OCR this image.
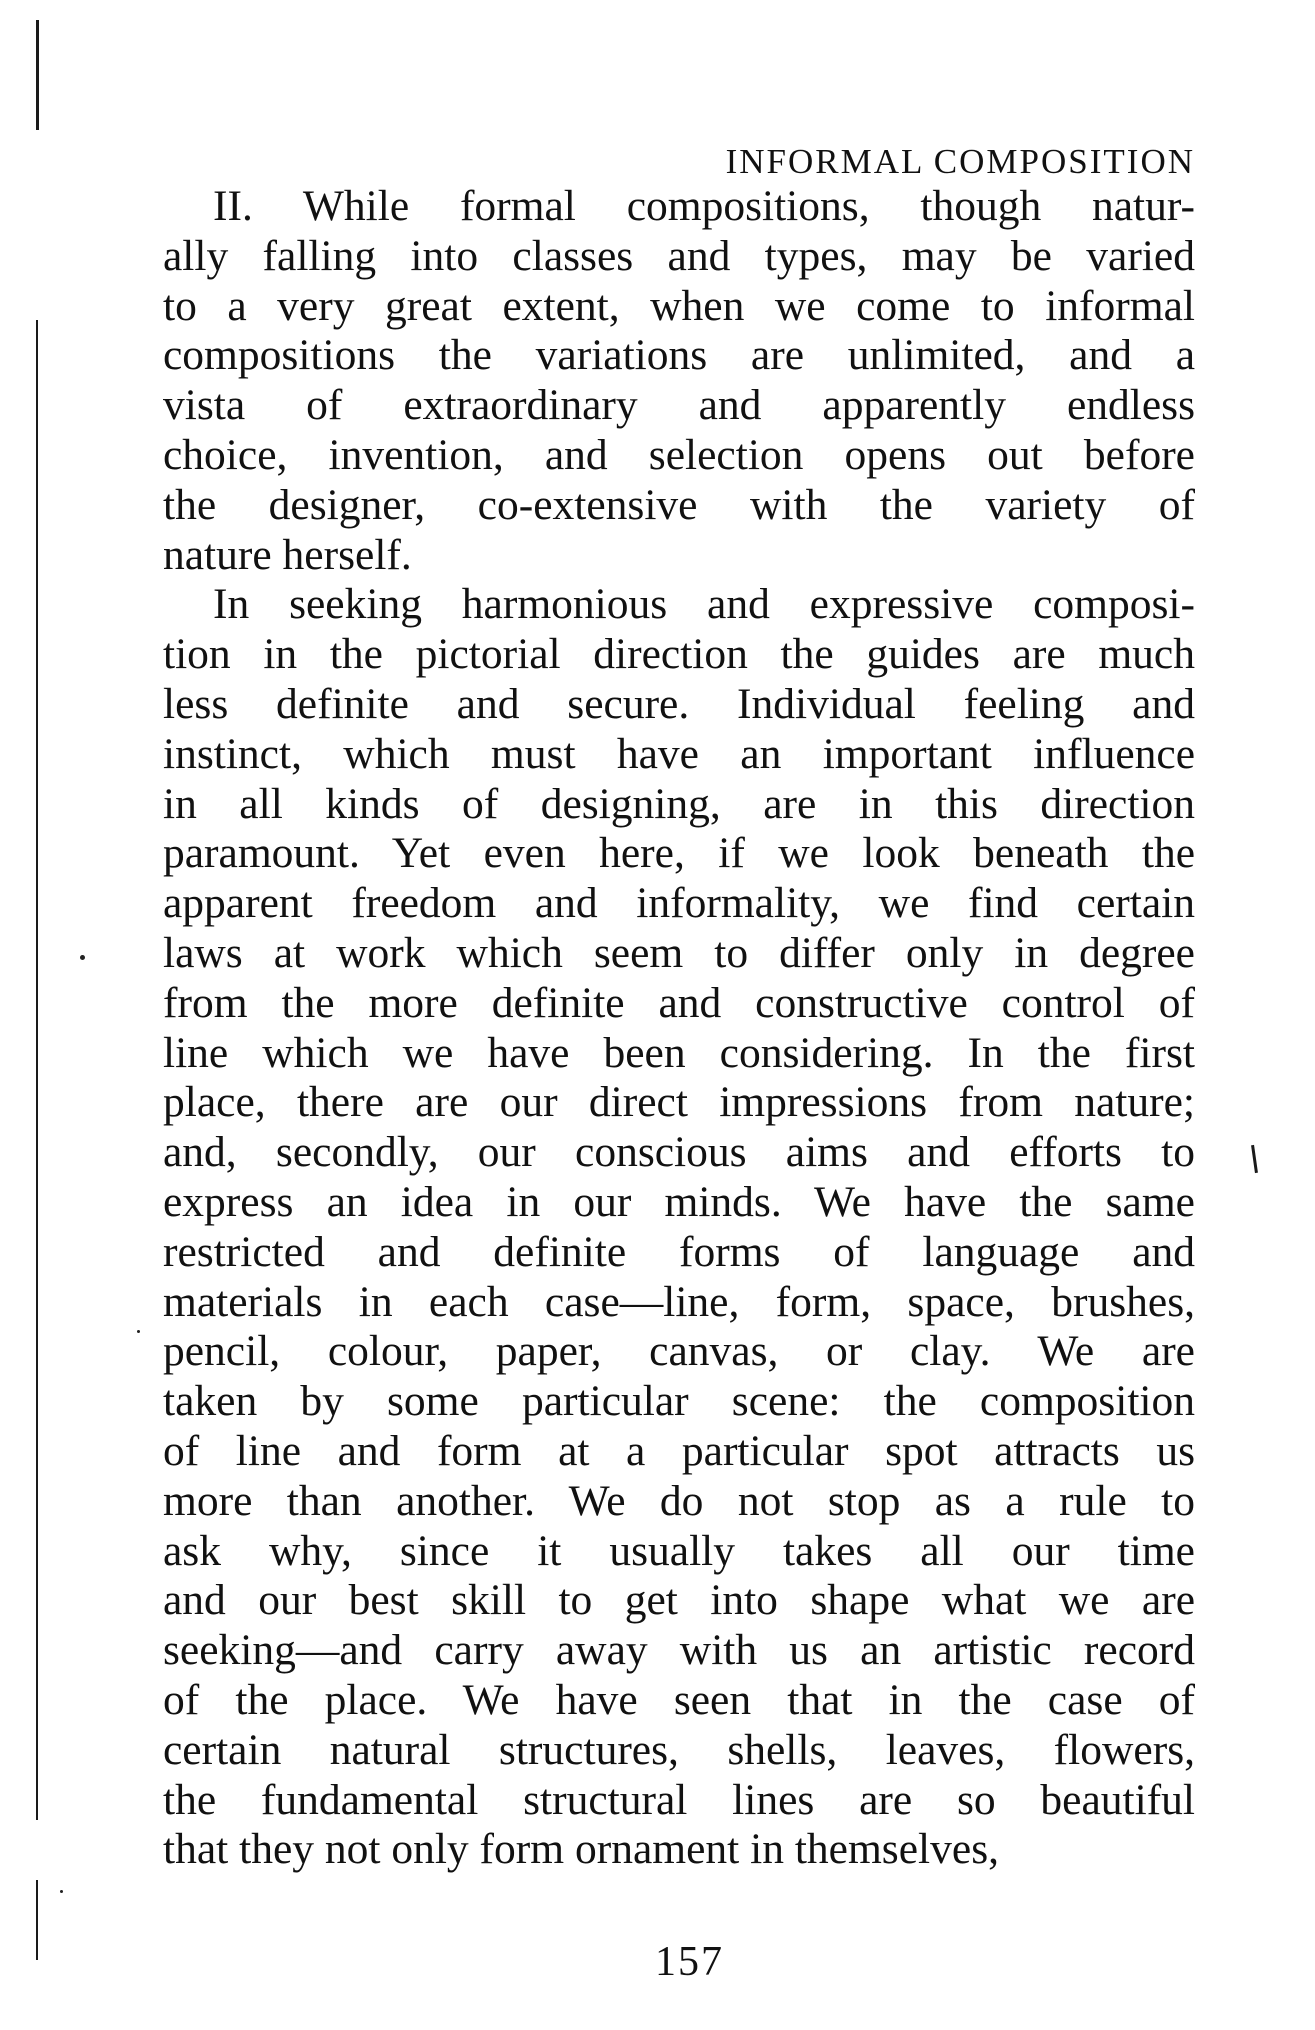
INFORMAL COMPOSITION
II. While formal compositions, though natur-
ally falling into classes and types, may be varied
to a very great extent, when we come to informal
compositions the variations are unlimited, and a
vista of extraordinary and apparently endless
choice, invention, and selection opens out before
the designer, co-extensive with the variety of
nature herself.
In seeking harmonious and expressive composi-
tion in the pictorial direction the guides are much
less definite and secure. Individual feeling and
instinct, which must have an important influence
in all kinds of designing, are in this direction
paramount. Yet even here, if we look beneath the
apparent freedom and informality, we find certain
laws at work which seem to differ only in degree
from the more definite and constructive control of
line which we have been considering. In the first
place, there are our direct impressions from nature;
and, secondly, our conscious aims and efforts to
express an idea in our minds. We have the same
restricted and definite forms of language and
materials in each case—line, form, space, brushes,
pencil, colour, paper, canvas, or clay. We are
taken by some particular scene: the composition
of line and form at a particular spot attracts us
more than another. We do not stop as a rule to
ask why, since it usually takes all our time
and our best skill to get into shape what we are
seeking—and carry away with us an artistic record
of the place. We have seen that in the case of
certain natural structures, shells, leaves, flowers,
the fundamental structural lines are so beautiful
that they not only form ornament in themselves,
157
